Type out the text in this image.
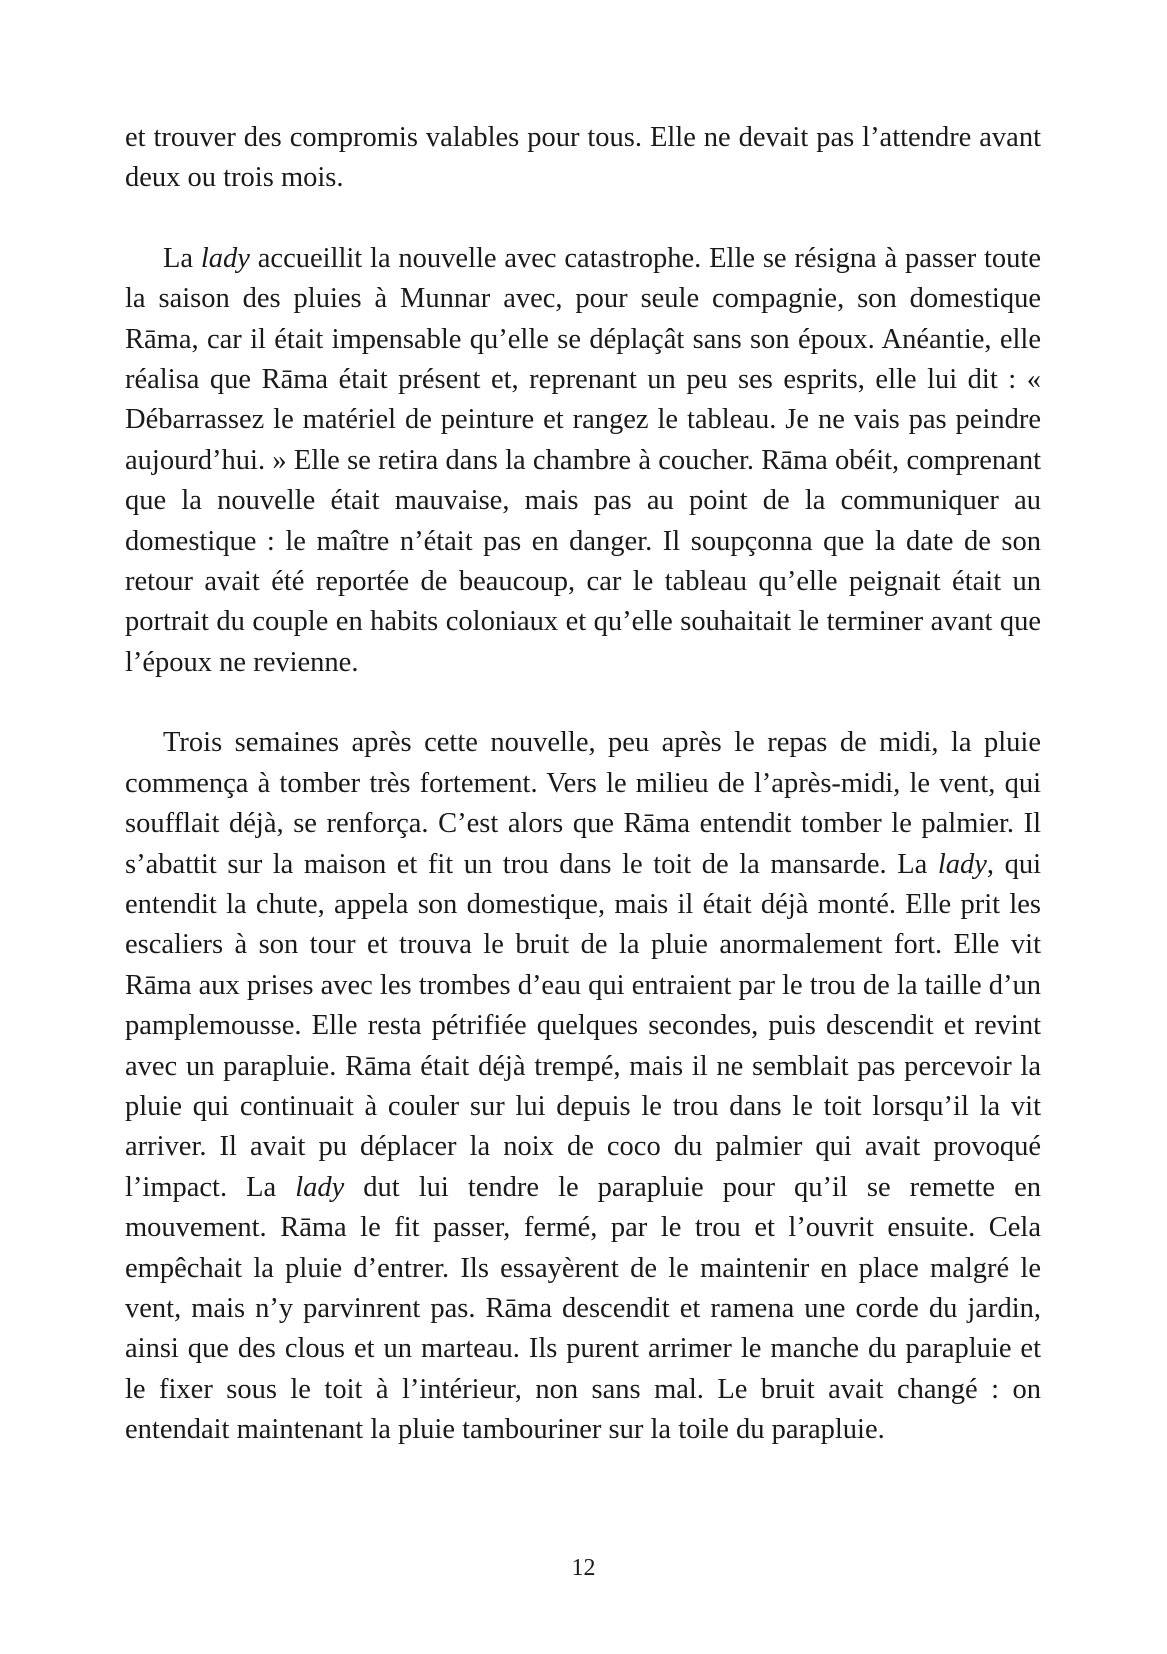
et trouver des compromis valables pour tous. Elle ne devait pas l’attendre avant deux ou trois mois.

La lady accueillit la nouvelle avec catastrophe. Elle se résigna à passer toute la saison des pluies à Munnar avec, pour seule compagnie, son domestique Rāma, car il était impensable qu’elle se déplaçât sans son époux. Anéantie, elle réalisa que Rāma était présent et, reprenant un peu ses esprits, elle lui dit : « Débarrassez le matériel de peinture et rangez le tableau. Je ne vais pas peindre aujourd’hui. » Elle se retira dans la chambre à coucher. Rāma obéit, comprenant que la nouvelle était mauvaise, mais pas au point de la communiquer au domestique : le maître n’était pas en danger. Il soupçonna que la date de son retour avait été reportée de beaucoup, car le tableau qu’elle peignait était un portrait du couple en habits coloniaux et qu’elle souhaitait le terminer avant que l’époux ne revienne.

Trois semaines après cette nouvelle, peu après le repas de midi, la pluie commença à tomber très fortement. Vers le milieu de l’après-midi, le vent, qui soufflait déjà, se renforça. C’est alors que Rāma entendit tomber le palmier. Il s’abattit sur la maison et fit un trou dans le toit de la mansarde. La lady, qui entendit la chute, appela son domestique, mais il était déjà monté. Elle prit les escaliers à son tour et trouva le bruit de la pluie anormalement fort. Elle vit Rāma aux prises avec les trombes d’eau qui entraient par le trou de la taille d’un pamplemousse. Elle resta pétrifiée quelques secondes, puis descendit et revint avec un parapluie. Rāma était déjà trempé, mais il ne semblait pas percevoir la pluie qui continuait à couler sur lui depuis le trou dans le toit lorsqu’il la vit arriver. Il avait pu déplacer la noix de coco du palmier qui avait provoqué l’impact. La lady dut lui tendre le parapluie pour qu’il se remette en mouvement. Rāma le fit passer, fermé, par le trou et l’ouvrit ensuite. Cela empêchait la pluie d’entrer. Ils essayèrent de le maintenir en place malgré le vent, mais n’y parvinrent pas. Rāma descendit et ramena une corde du jardin, ainsi que des clous et un marteau. Ils purent arrimer le manche du parapluie et le fixer sous le toit à l’intérieur, non sans mal. Le bruit avait changé : on entendait maintenant la pluie tambouriner sur la toile du parapluie.

12
